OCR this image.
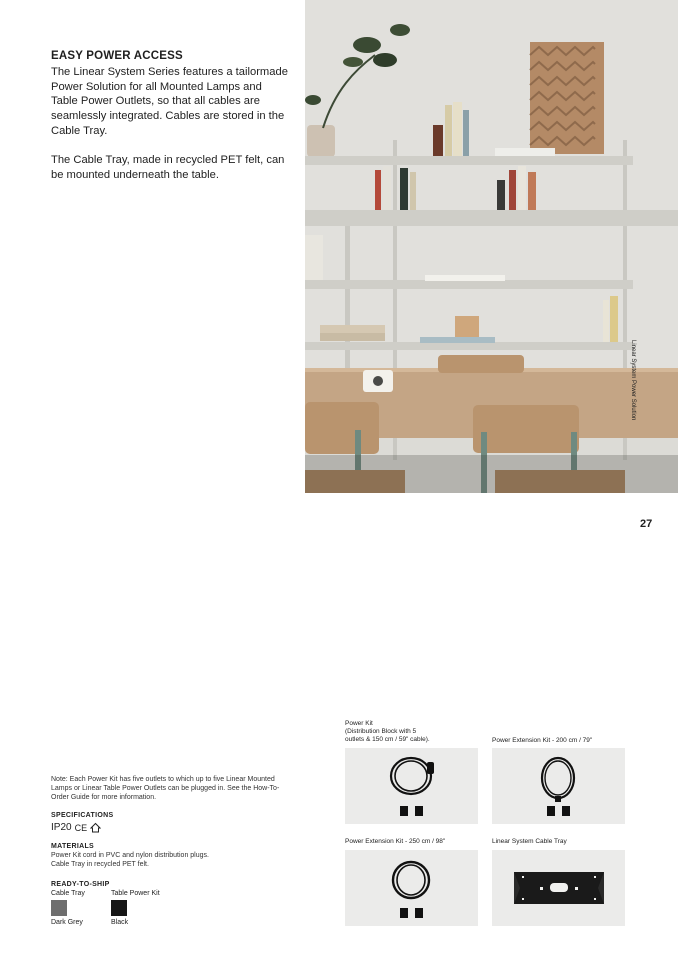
EASY POWER ACCESS
The Linear System Series features a tailormade Power Solution for all Mounted Lamps and Table Power Outlets, so that all cables are seamlessly integrated. Cables are stored in the Cable Tray.
The Cable Tray, made in recycled PET felt, can be mounted underneath the table.
Linear System Power Solution
27
Note: Each Power Kit has five outlets to which up to five Linear Mounted Lamps or Linear Table Power Outlets can be plugged in. See the How-To-Order Guide for more information.
SPECIFICATIONS
IP20 CE
MATERIALS
Power Kit cord in PVC and nylon distribution plugs.
Cable Tray in recycled PET felt.
READY-TO-SHIP
Cable Tray	Table Power Kit
Dark Grey	Black
Power Kit
(Distribution Block with 5
outlets & 150 cm / 59" cable).	Power Extension Kit - 200 cm / 79"
Power Extension Kit - 250 cm / 98"	Linear System Cable Tray
